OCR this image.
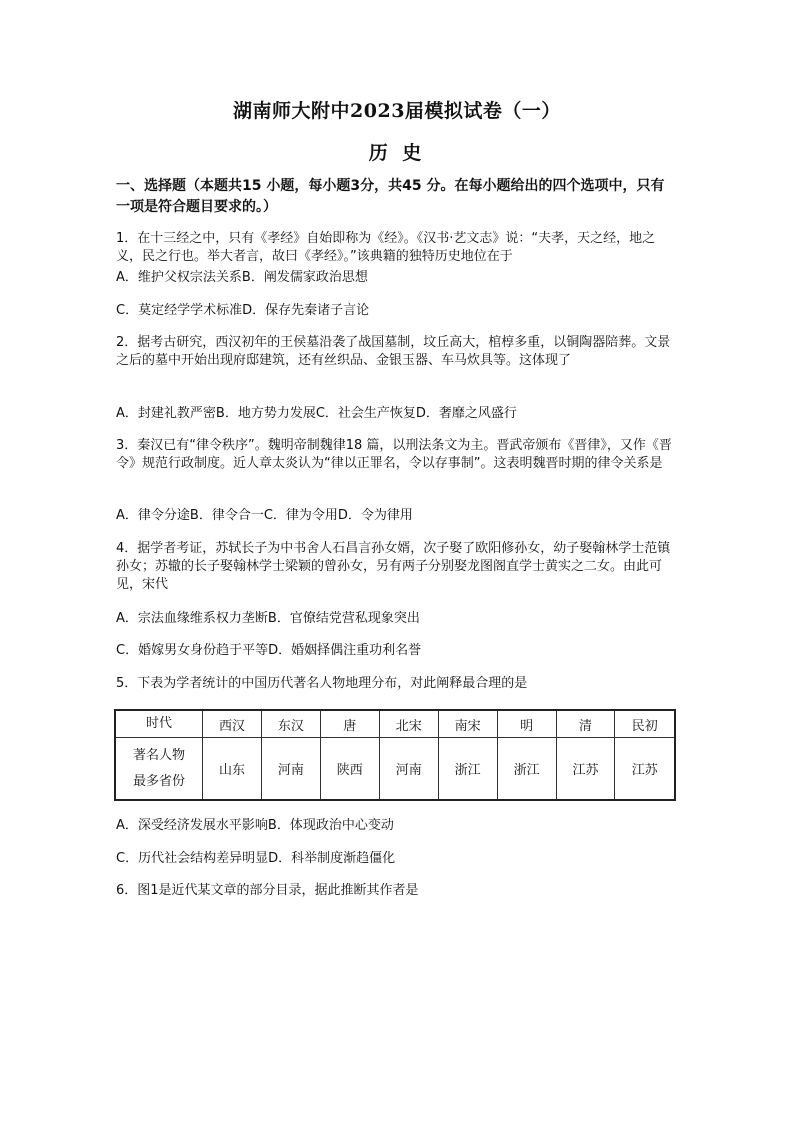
湖南师大附中2023届模拟试卷（一）
历 史
一、选择题（本题共15 小题，每小题3分，共45 分。在每小题给出的四个选项中，只有一项是符合题目要求的。）

1．在十三经之中，只有《孝经》自始即称为《经》。《汉书·艺文志》说：“夫孝，天之经，地之义，民之行也。举大者言，故曰《孝经》。”该典籍的独特历史地位在于

A．维护父权宗法关系B．阐发儒家政治思想
C．莫定经学学术标准D．保存先秦诸子言论

2．据考古研究，西汉初年的王侯墓沿袭了战国墓制，坟丘高大，棺椁多重，以铜陶器陪葬。文景之后的墓中开始出现府邸建筑，还有丝织品、金银玉器、车马炊具等。这体现了

A．封建礼教严密B．地方势力发展C．社会生产恢复D．奢靡之风盛行

3．秦汉已有“律令秩序”。魏明帝制魏律18 篇，以刑法条文为主。晋武帝颁布《晋律》，又作《晋令》规范行政制度。近人章太炎认为“律以正罪名，令以存事制”。这表明魏晋时期的律令关系是

A．律令分途B．律令合一C．律为令用D．令为律用

4．据学者考证，苏轼长子为中书舍人石昌言孙女婿，次子娶了欧阳修孙女，幼子娶翰林学士范镇孙女；苏辙的长子娶翰林学士梁颖的曾孙女，另有两子分别娶龙图阁直学士黄实之二女。由此可见，宋代

A．宗法血缘维系权力垄断B．官僚结党营私现象突出
C．婚嫁男女身份趋于平等D．婚姻择偶注重功利名誉

5．下表为学者统计的中国历代著名人物地理分布，对此阐释最合理的是

时代	西汉	东汉	唐	北宋	南宋	明	清	民初

著名人物
最多省份	山东	河南	陕西	河南	浙江	浙江	江苏	江苏
A．深受经济发展水平影响B．体现政治中心变动
C．历代社会结构差异明显D．科举制度渐趋僵化

6．图1是近代某文章的部分目录，据此推断其作者是
